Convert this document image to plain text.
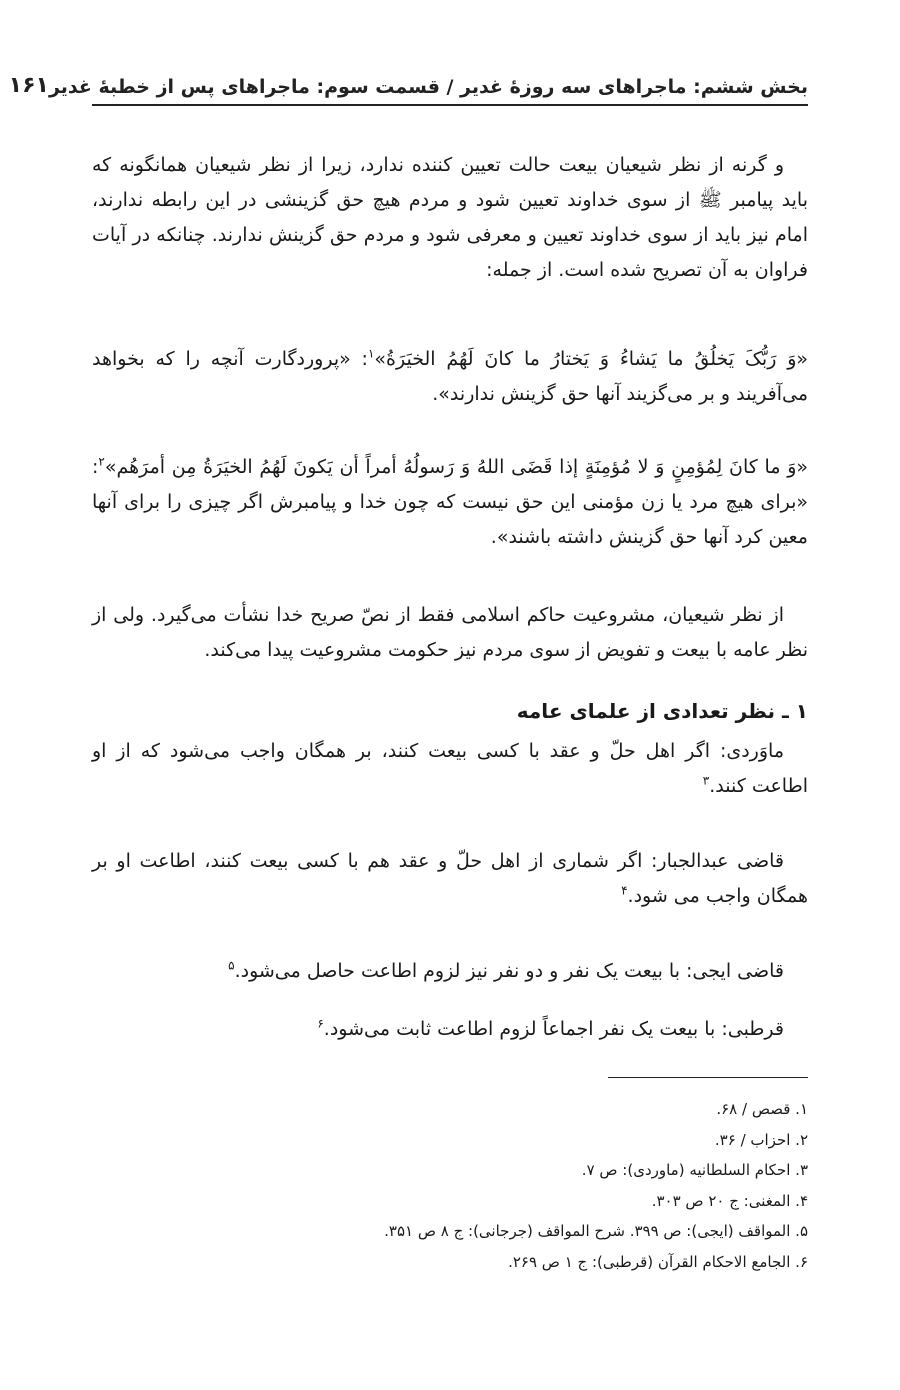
بخش ششم: ماجراهای سه روزهٔ غدیر / قسمت سوم: ماجراهای پس از خطبهٔ غدیر
۱۶۱

و گرنه از نظر شیعیان بیعت حالت تعیین کننده ندارد، زیرا از نظر شیعیان همانگونه که باید پیامبر ﷺ از سوی خداوند تعیین شود و مردم هیچ حق گزینشی در این رابطه ندارند، امام نیز باید از سوی خداوند تعیین و معرفی شود و مردم حق گزینش ندارند. چنانکه در آیات فراوان به آن تصریح شده است. از جمله:

«وَ رَبُّکَ یَخلُقُ ما یَشاءُ وَ یَختارُ ما کانَ لَهُمُ الخیَرَةُ»$^۱$: «پروردگارت آنچه را که بخواهد می‌آفریند و بر می‌گزیند آنها حق گزینش ندارند».

«وَ ما کانَ لِمُؤمِنٍ وَ لا مُؤمِنَةٍ إذا قَضَی اللهُ وَ رَسولُهُ أمراً أن یَکونَ لَهُمُ الخیَرَةُ مِن أمرَهُم»$^۲$: «برای هیچ مرد یا زن مؤمنی این حق نیست که چون خدا و پیامبرش اگر چیزی را برای آنها معین کرد آنها حق گزینش داشته باشند».

از نظر شیعیان، مشروعیت حاکم اسلامی فقط از نصّ صریح خدا نشأت می‌گیرد. ولی از نظر عامه با بیعت و تفویض از سوی مردم نیز حکومت مشروعیت پیدا می‌کند.

۱ ـ نظر تعدادی از علمای عامه

ماوَردی: اگر اهل حلّ و عقد با کسی بیعت کنند، بر همگان واجب می‌شود که از او اطاعت کنند.$^۳$

قاضی عبدالجبار: اگر شماری از اهل حلّ و عقد هم با کسی بیعت کنند، اطاعت او بر همگان واجب می شود.$^۴$

قاضی ایجی: با بیعت یک نفر و دو نفر نیز لزوم اطاعت حاصل می‌شود.$^۵$

قرطبی: با بیعت یک نفر اجماعاً لزوم اطاعت ثابت می‌شود.$^۶$

۱. قصص / ۶۸.
۲. احزاب / ۳۶.
۳. احکام السلطانیه (ماوردی): ص ۷.
۴. المغنی: ج ۲۰ ص ۳۰۳.
۵. المواقف (ایجی): ص ۳۹۹. شرح المواقف (جرجانی): ج ۸ ص ۳۵۱.
۶. الجامع الاحکام القرآن (قرطبی): ج ۱ ص ۲۶۹.
